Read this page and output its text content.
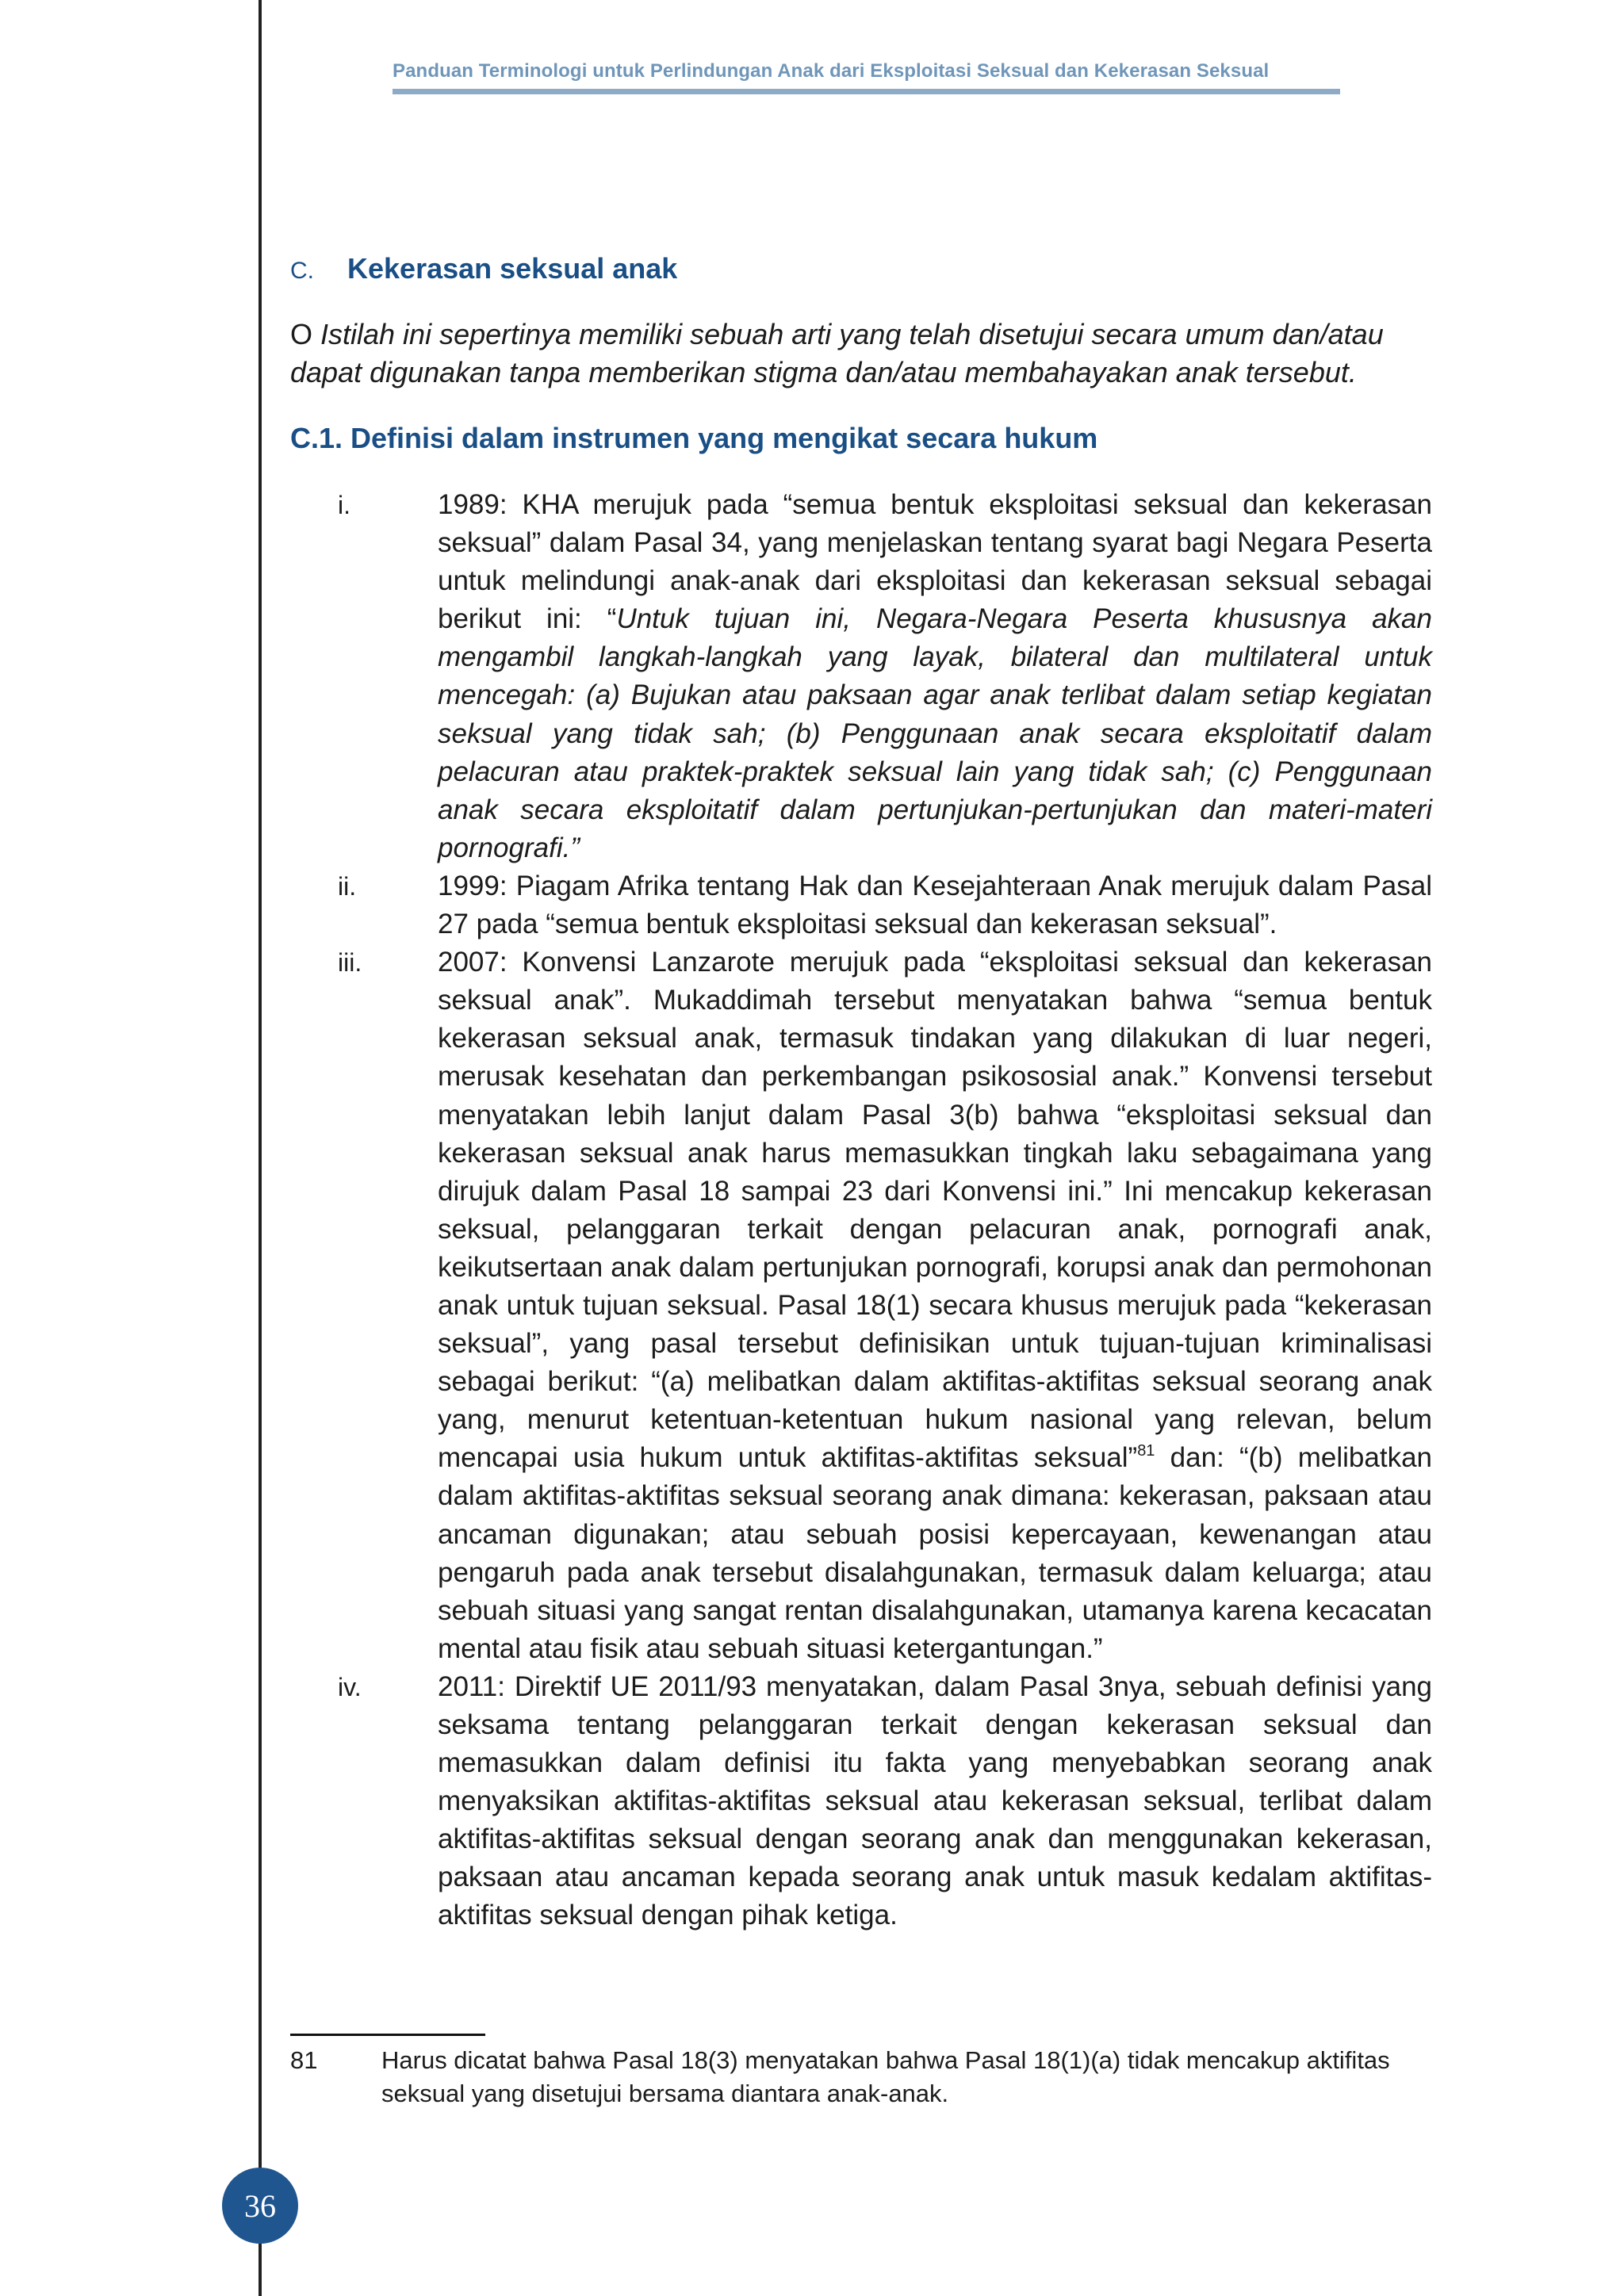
Panduan Terminologi untuk Perlindungan Anak dari Eksploitasi Seksual dan Kekerasan Seksual
C. Kekerasan seksual anak
O Istilah ini sepertinya memiliki sebuah arti yang telah disetujui secara umum dan/atau dapat digunakan tanpa memberikan stigma dan/atau membahayakan anak tersebut.
C.1. Definisi dalam instrumen yang mengikat secara hukum
i.	1989: KHA merujuk pada “semua bentuk eksploitasi seksual dan kekerasan seksual” dalam Pasal 34, yang menjelaskan tentang syarat bagi Negara Peserta untuk melindungi anak-anak dari eksploitasi dan kekerasan seksual sebagai berikut ini: “Untuk tujuan ini, Negara-Negara Peserta khususnya akan mengambil langkah-langkah yang layak, bilateral dan multilateral untuk mencegah: (a) Bujukan atau paksaan agar anak terlibat dalam setiap kegiatan seksual yang tidak sah; (b) Penggunaan anak secara eksploitatif dalam pelacuran atau praktek-praktek seksual lain yang tidak sah; (c) Penggunaan anak secara eksploitatif dalam pertunjukan-pertunjukan dan materi-materi pornografi.”
ii.	1999: Piagam Afrika tentang Hak dan Kesejahteraan Anak merujuk dalam Pasal 27 pada “semua bentuk eksploitasi seksual dan kekerasan seksual”.
iii.	2007: Konvensi Lanzarote merujuk pada “eksploitasi seksual dan kekerasan seksual anak”. Mukaddimah tersebut menyatakan bahwa “semua bentuk kekerasan seksual anak, termasuk tindakan yang dilakukan di luar negeri, merusak kesehatan dan perkembangan psikososial anak.” Konvensi tersebut menyatakan lebih lanjut dalam Pasal 3(b) bahwa “eksploitasi seksual dan kekerasan seksual anak harus memasukkan tingkah laku sebagaimana yang dirujuk dalam Pasal 18 sampai 23 dari Konvensi ini.” Ini mencakup kekerasan seksual, pelanggaran terkait dengan pelacuran anak, pornografi anak, keikutsertaan anak dalam pertunjukan pornografi, korupsi anak dan permohonan anak untuk tujuan seksual. Pasal 18(1) secara khusus merujuk pada “kekerasan seksual”, yang pasal tersebut definisikan untuk tujuan-tujuan kriminalisasi sebagai berikut: “(a) melibatkan dalam aktifitas-aktifitas seksual seorang anak yang, menurut ketentuan-ketentuan hukum nasional yang relevan, belum mencapai usia hukum untuk aktifitas-aktifitas seksual”$^{81}$ dan: “(b) melibatkan dalam aktifitas-aktifitas seksual seorang anak dimana: kekerasan, paksaan atau ancaman digunakan; atau sebuah posisi kepercayaan, kewenangan atau pengaruh pada anak tersebut disalahgunakan, termasuk dalam keluarga; atau sebuah situasi yang sangat rentan disalahgunakan, utamanya karena kecacatan mental atau fisik atau sebuah situasi ketergantungan.”
iv.	2011: Direktif UE 2011/93 menyatakan, dalam Pasal 3nya, sebuah definisi yang seksama tentang pelanggaran terkait dengan kekerasan seksual dan memasukkan dalam definisi itu fakta yang menyebabkan seorang anak menyaksikan aktifitas-aktifitas seksual atau kekerasan seksual, terlibat dalam aktifitas-aktifitas seksual dengan seorang anak dan menggunakan kekerasan, paksaan atau ancaman kepada seorang anak untuk masuk kedalam aktifitas-aktifitas seksual dengan pihak ketiga.
81	Harus dicatat bahwa Pasal 18(3) menyatakan bahwa Pasal 18(1)(a) tidak mencakup aktifitas seksual yang disetujui bersama diantara anak-anak.
36
